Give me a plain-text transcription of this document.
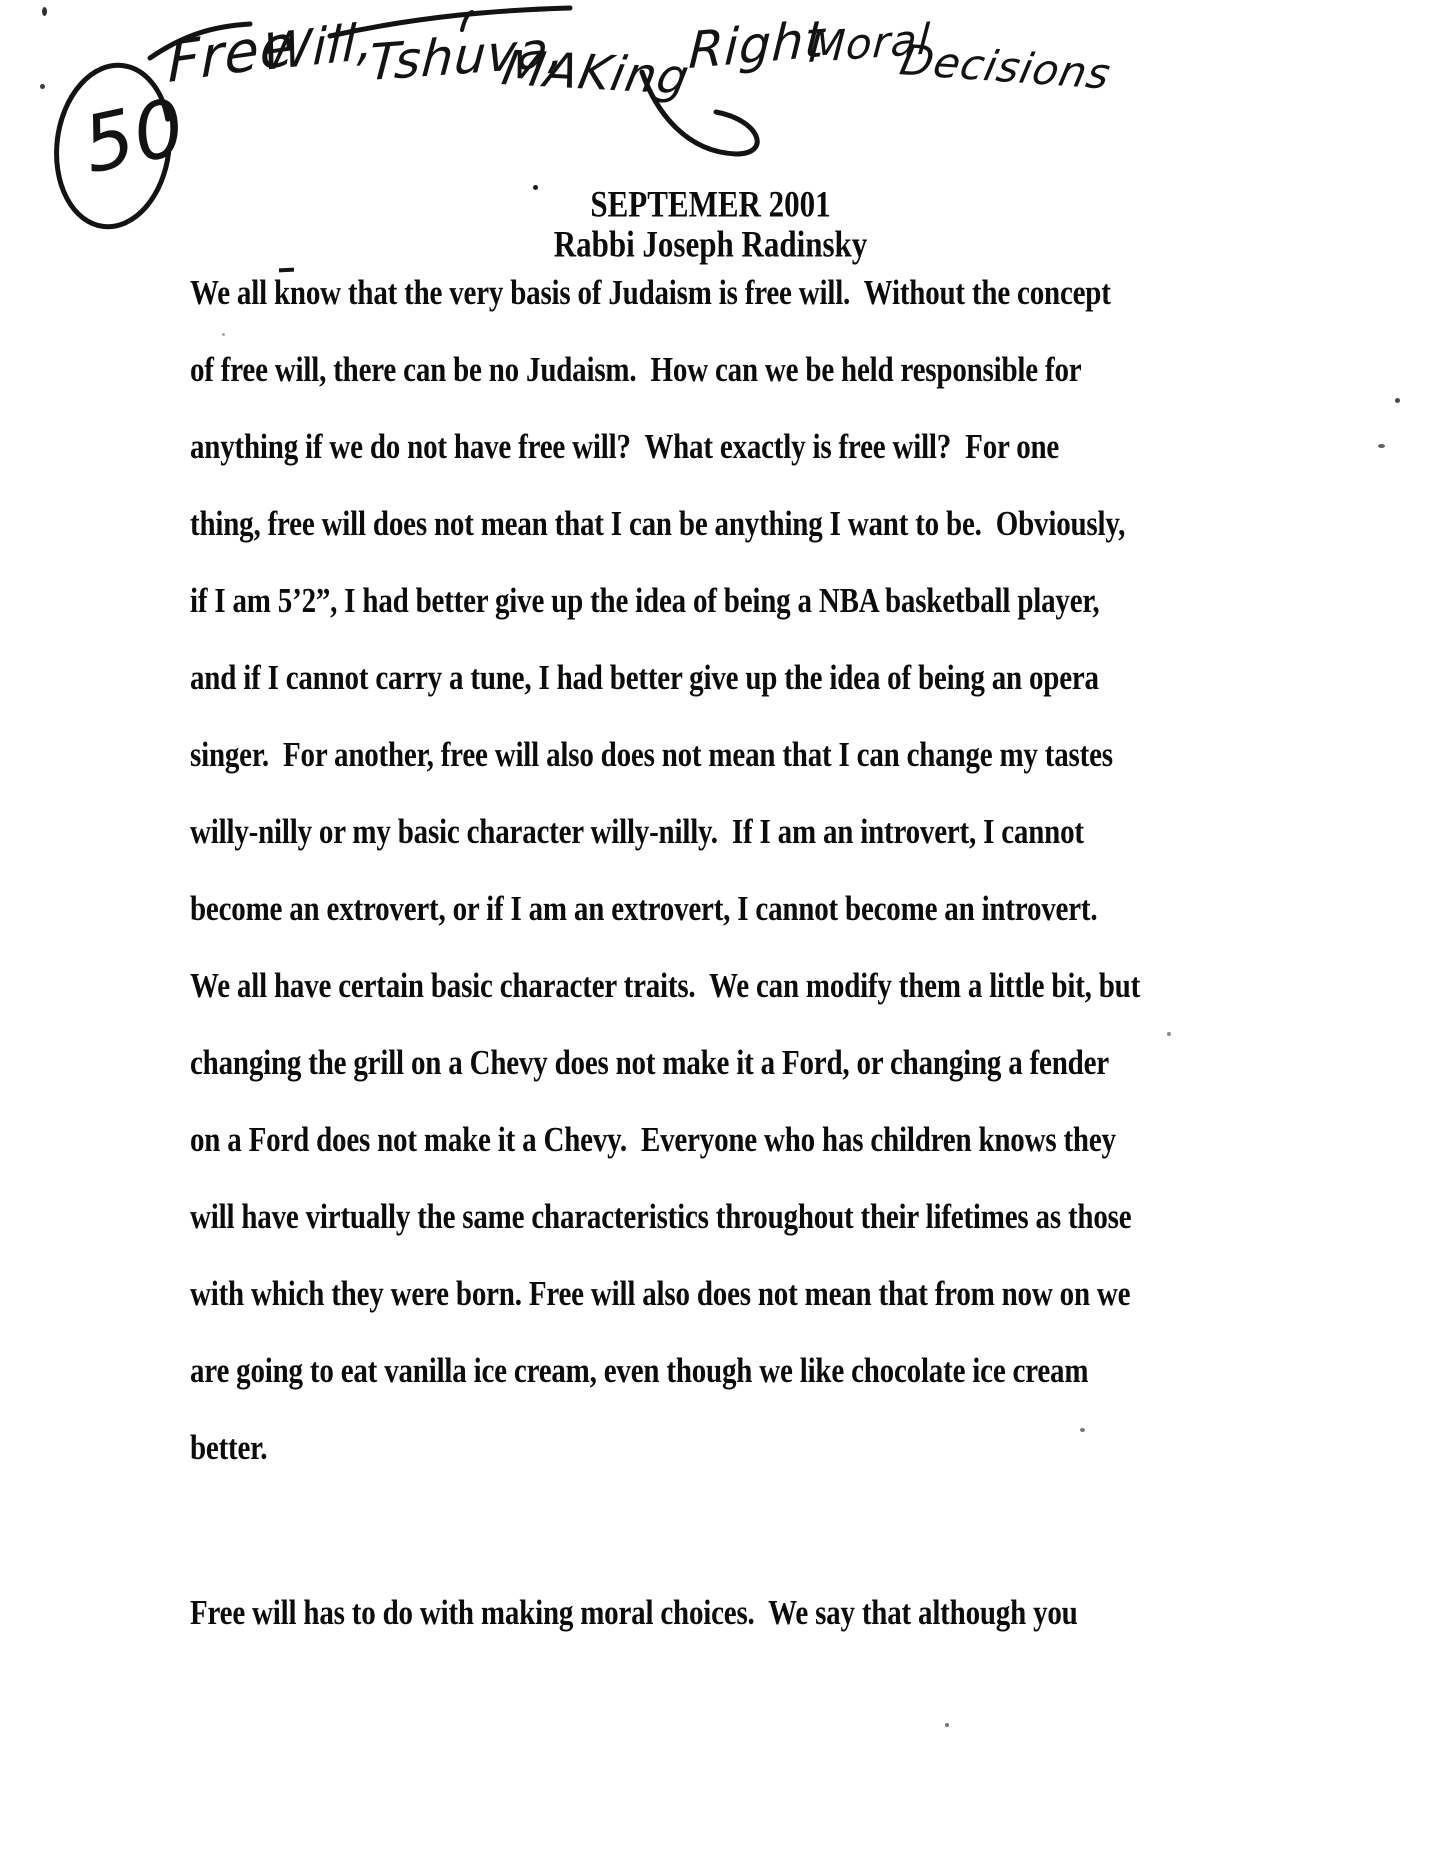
50
Free
Will,
Tshuva,
MAKing
Right
Moral
Decisions

SEPTEMER 2001

Rabbi Joseph Radinsky

We all know that the very basis of Judaism is free will.  Without the concept
of free will, there can be no Judaism.  How can we be held responsible for
anything if we do not have free will?  What exactly is free will?  For one
thing, free will does not mean that I can be anything I want to be.  Obviously,
if I am 5’2”, I had better give up the idea of being a NBA basketball player,
and if I cannot carry a tune, I had better give up the idea of being an opera
singer.  For another, free will also does not mean that I can change my tastes
willy-nilly or my basic character willy-nilly.  If I am an introvert, I cannot
become an extrovert, or if I am an extrovert, I cannot become an introvert.
We all have certain basic character traits.  We can modify them a little bit, but
changing the grill on a Chevy does not make it a Ford, or changing a fender
on a Ford does not make it a Chevy.  Everyone who has children knows they
will have virtually the same characteristics throughout their lifetimes as those
with which they were born. Free will also does not mean that from now on we
are going to eat vanilla ice cream, even though we like chocolate ice cream
better.
Free will has to do with making moral choices.  We say that although you
